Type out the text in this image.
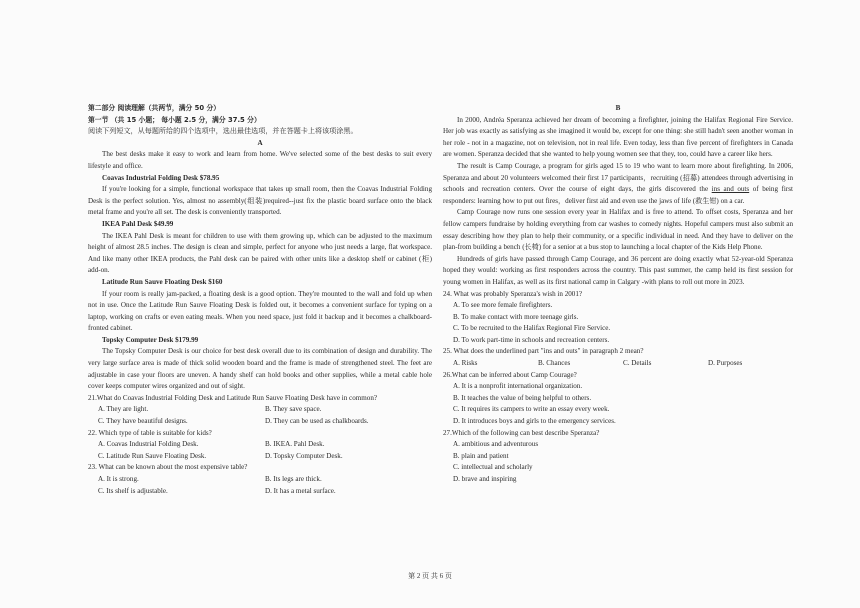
第二部分 阅读理解（共两节，满分 50 分）

第一节 （共 15 小题； 每小题 2.5 分，满分 37.5 分）

阅读下列短文，从每题所给的四个选项中，选出最佳选项，并在答题卡上将该项涂黑。

A

The best desks make it easy to work and learn from home. We've selected some of the best desks to suit every lifestyle and office.

Coavas Industrial Folding Desk $78.95

If you're looking for a simple, functional workspace that takes up small room, then the Coavas Industrial Folding Desk is the perfect solution. Yes, almost no assembly(组装)required--just fix the plastic board surface onto the black metal frame and you're all set. The desk is conveniently transported.

IKEA Pahl Desk $49.99

The IKEA Pahl Desk is meant for children to use with them growing up, which can be adjusted to the maximum height of almost 28.5 inches. The design is clean and simple, perfect for anyone who just needs a large, flat workspace. And like many other IKEA products, the Pahl desk can be paired with other units like a desktop shelf or cabinet (柜) add-on.

Latitude Run Sauve Floating Desk $160

If your room is really jam-packed, a floating desk is a good option. They're mounted to the wall and fold up when not in use. Once the Latitude Run Sauve Floating Desk is folded out, it becomes a convenient surface for typing on a laptop, working on crafts or even eating meals. When you need space, just fold it backup and it becomes a chalkboard-fronted cabinet.

Topsky Computer Desk $179.99

The Topsky Computer Desk is our choice for best desk overall due to its combination of design and durability. The very large surface area is made of thick solid wooden board and the frame is made of strengthened steel. The feet are adjustable in case your floors are uneven. A handy shelf can hold books and other supplies, while a metal cable hole cover keeps computer wires organized and out of sight.

21.What do Coavas Industrial Folding Desk and Latitude Run Sauve Floating Desk have in common?

A. They are light.	B. They save space.
C. They have beautiful designs.	D. They can be used as chalkboards.

22. Which type of table is suitable for kids?

A. Coavas Industrial Folding Desk.	B. IKEA. Pahl Desk.
C. Latitude Run Sauve Floating Desk.	D. Topsky Computer Desk.

23. What can be known about the most expensive table?

A. It is strong.	B. Its legs are thick.
C. Its shelf is adjustable.	D. It has a metal surface.

B

In 2000, Andréa Speranza achieved her dream of becoming a firefighter, joining the Halifax Regional Fire Service. Her job was exactly as satisfying as she imagined it would be, except for one thing: she still hadn't seen another woman in her role - not in a magazine, not on television, not in real life. Even today, less than five percent of firefighters in Canada are women. Speranza decided that she wanted to help young women see that they, too, could have a career like hers.

The result is Camp Courage, a program for girls aged 15 to 19 who want to learn more about firefighting. In 2006, Speranza and about 20 volunteers welcomed their first 17 participants，recruiting (招募) attendees through advertising in schools and recreation centers. Over the course of eight days, the girls discovered the ins and outs of being first responders: learning how to put out fires，deliver first aid and even use the jaws of life (救生钳) on a car.

Camp Courage now runs one session every year in Halifax and is free to attend. To offset costs, Speranza and her fellow campers fundraise by holding everything from car washes to comedy nights. Hopeful campers must also submit an essay describing how they plan to help their community, or a specific individual in need. And they have to deliver on the plan-from building a bench (长椅) for a senior at a bus stop to launching a local chapter of the Kids Help Phone.

Hundreds of girls have passed through Camp Courage, and 36 percent are doing exactly what 52-year-old Speranza hoped they would: working as first responders across the country. This past summer, the camp held its first session for young women in Halifax, as well as its first national camp in Calgary -with plans to roll out more in 2023.

24. What was probably Speranza's wish in 2001?

A. To see more female firefighters.

B. To make contact with more teenage girls.

C. To be recruited to the Halifax Regional Fire Service.

D. To work part-time in schools and recreation centers.

25. What does the underlined part "ins and outs" in paragraph 2 mean?

A. Risks	B. Chances	C. Details	D. Purposes

26.What can be inferred about Camp Courage?

A. It is a nonprofit international organization.

B. It teaches the value of being helpful to others.

C. It requires its campers to write an essay every week.

D. It introduces boys and girls to the emergency services.

27.Which of the following can best describe Speranza?

A. ambitious and adventurous

B. plain and patient

C. intellectual and scholarly

D. brave and inspiring

第 2 页 共 6 页
